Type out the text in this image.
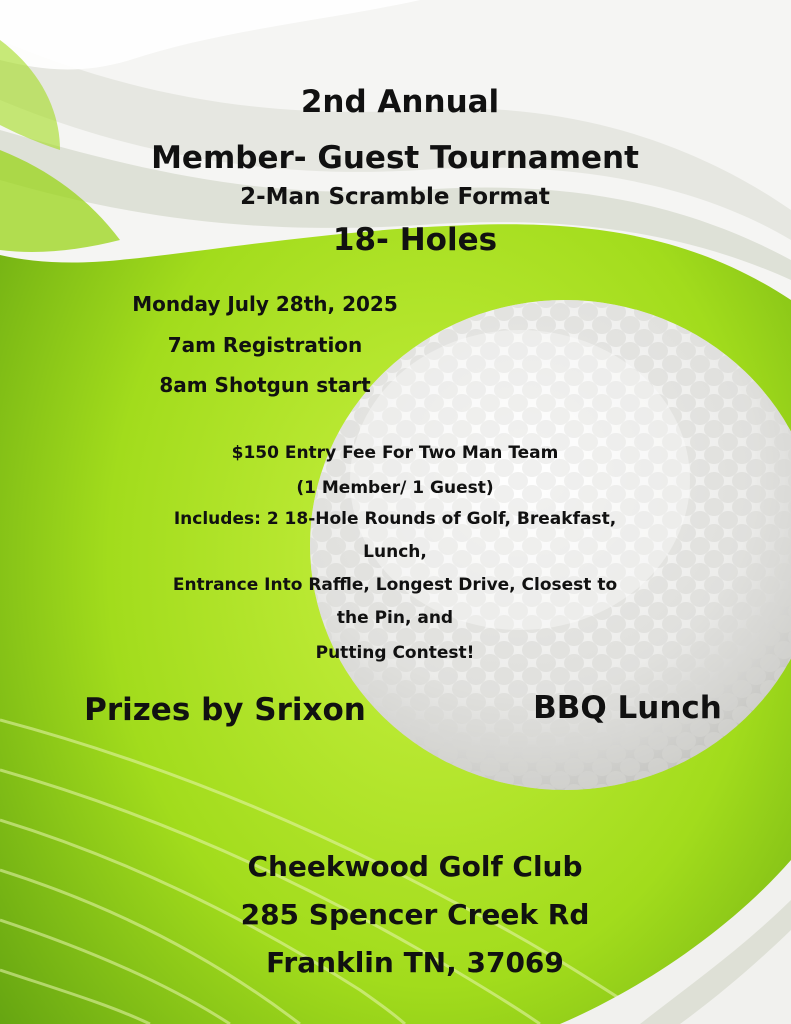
2nd Annual
Member- Guest Tournament
2-Man Scramble Format
18- Holes
Monday July 28th, 2025
7am Registration
8am Shotgun start
$150 Entry Fee For Two Man Team
(1 Member/ 1 Guest)
Includes: 2 18-Hole Rounds of Golf, Breakfast,
Lunch,
Entrance Into Raffle, Longest Drive, Closest to
the Pin, and
Putting Contest!
Prizes by Srixon	BBQ Lunch
Cheekwood Golf Club
285 Spencer Creek Rd
Franklin TN, 37069
